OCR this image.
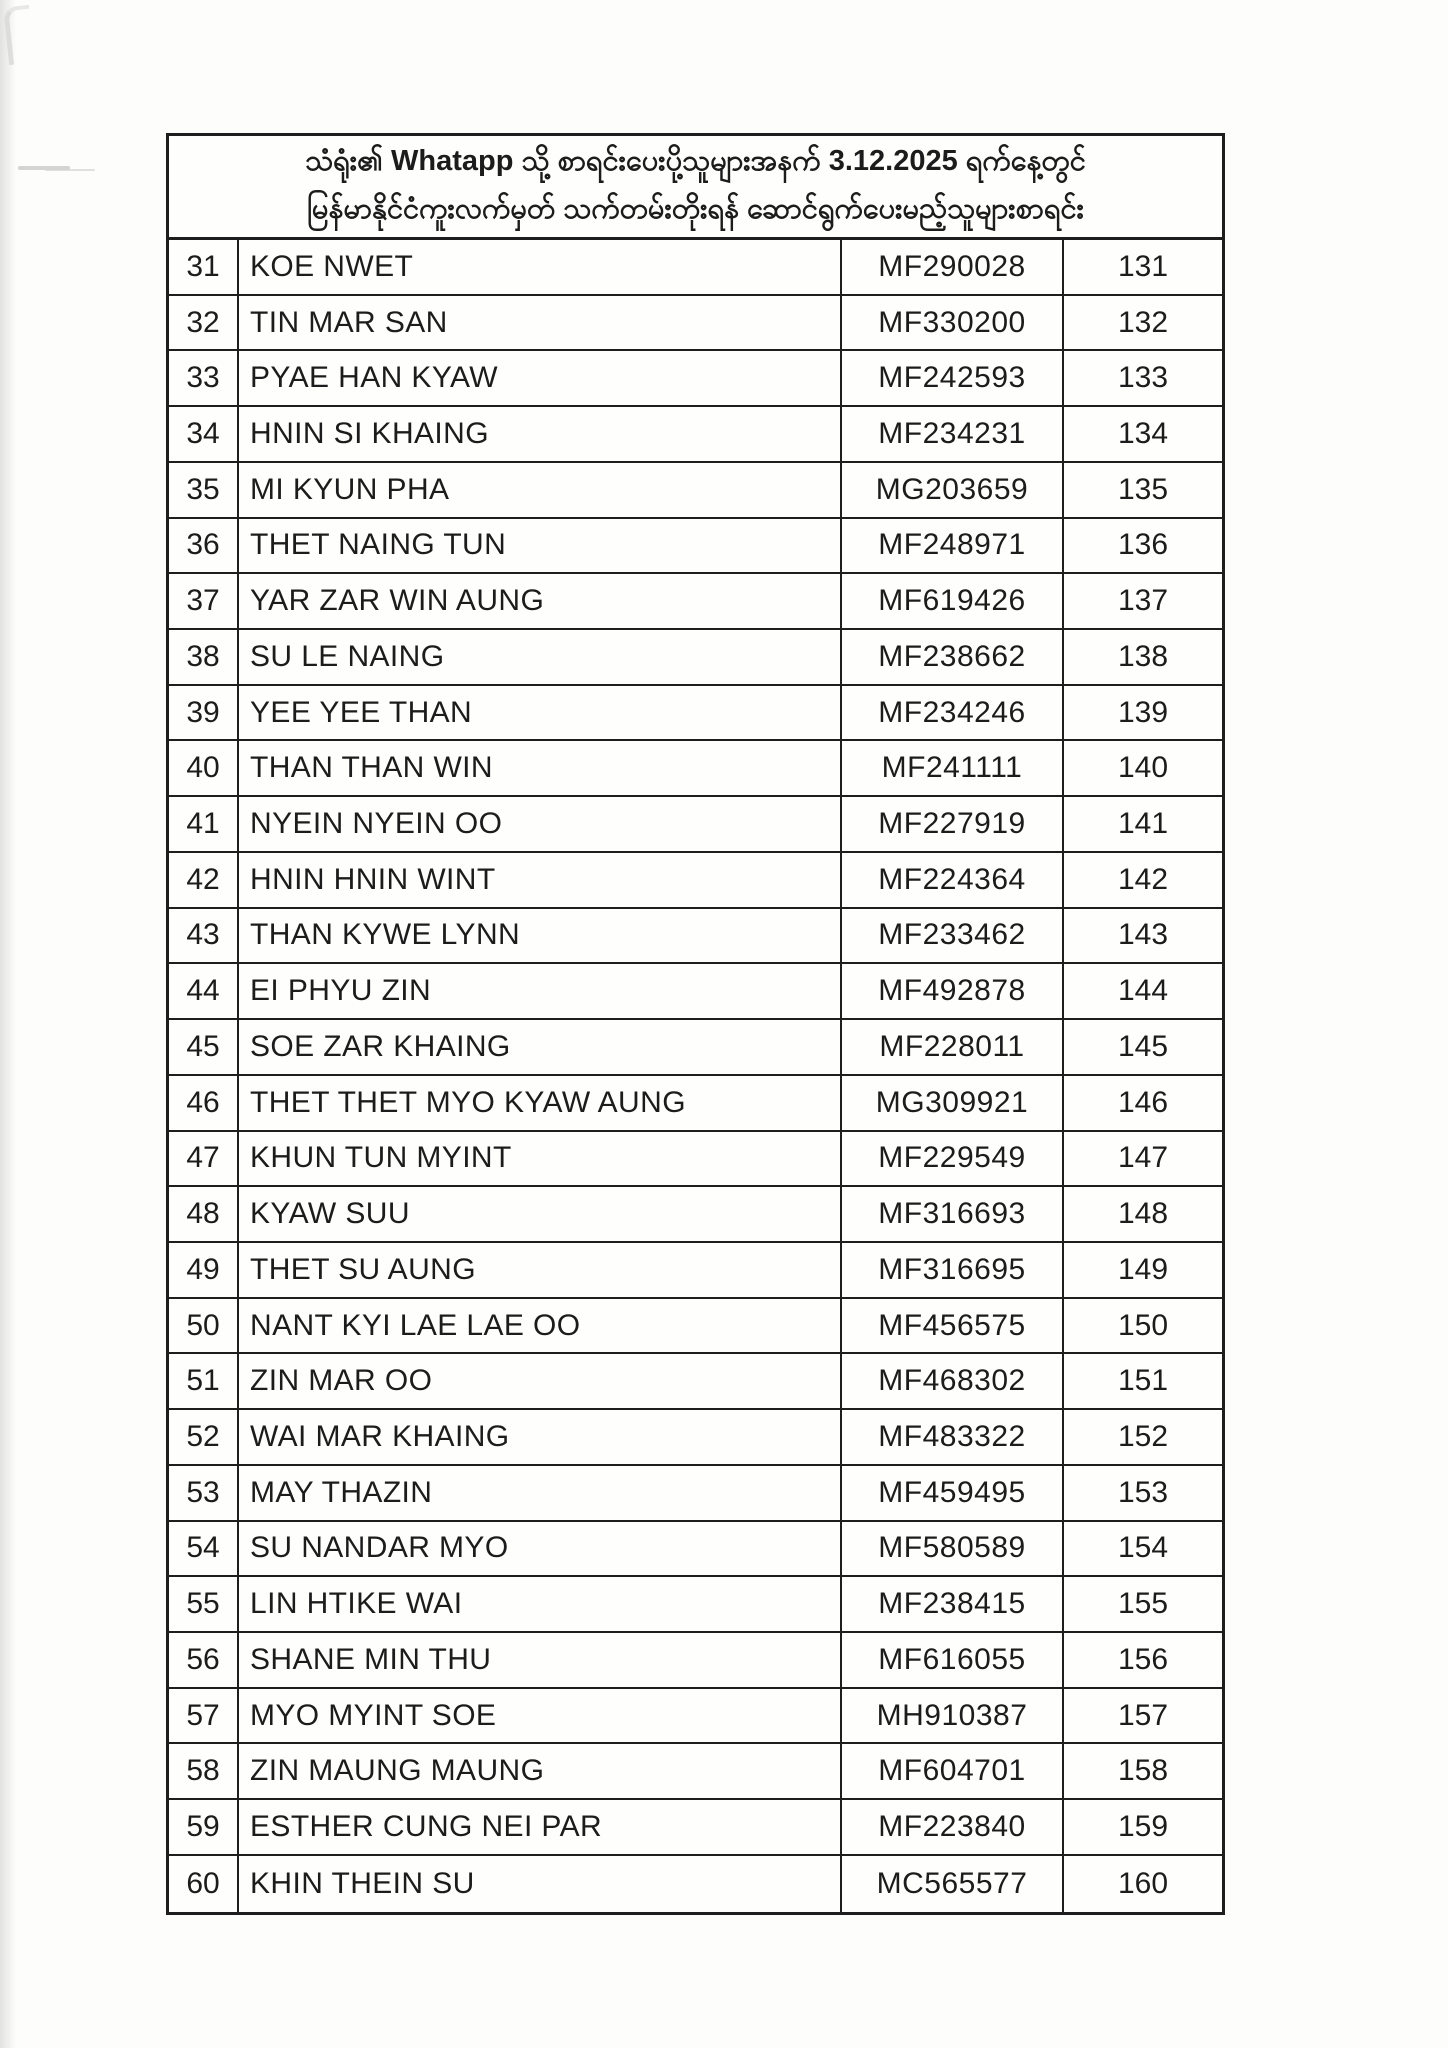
သံရုံး၏ Whatapp သို့ စာရင်းပေးပို့သူများအနက် 3.12.2025 ရက်နေ့တွင်
မြန်မာနိုင်ငံကူးလက်မှတ် သက်တမ်းတိုးရန် ဆောင်ရွက်ပေးမည့်သူများစာရင်း
31	KOE NWET	MF290028	131
32	TIN MAR SAN	MF330200	132
33	PYAE HAN KYAW	MF242593	133
34	HNIN SI KHAING	MF234231	134
35	MI KYUN PHA	MG203659	135
36	THET NAING TUN	MF248971	136
37	YAR ZAR WIN AUNG	MF619426	137
38	SU LE NAING	MF238662	138
39	YEE YEE THAN	MF234246	139
40	THAN THAN WIN	MF241111	140
41	NYEIN NYEIN OO	MF227919	141
42	HNIN HNIN WINT	MF224364	142
43	THAN KYWE LYNN	MF233462	143
44	EI PHYU ZIN	MF492878	144
45	SOE ZAR KHAING	MF228011	145
46	THET THET MYO KYAW AUNG	MG309921	146
47	KHUN TUN MYINT	MF229549	147
48	KYAW SUU	MF316693	148
49	THET SU AUNG	MF316695	149
50	NANT KYI LAE LAE OO	MF456575	150
51	ZIN MAR OO	MF468302	151
52	WAI MAR KHAING	MF483322	152
53	MAY THAZIN	MF459495	153
54	SU NANDAR MYO	MF580589	154
55	LIN HTIKE WAI	MF238415	155
56	SHANE MIN THU	MF616055	156
57	MYO MYINT SOE	MH910387	157
58	ZIN MAUNG MAUNG	MF604701	158
59	ESTHER CUNG NEI PAR	MF223840	159
60	KHIN THEIN SU	MC565577	160
